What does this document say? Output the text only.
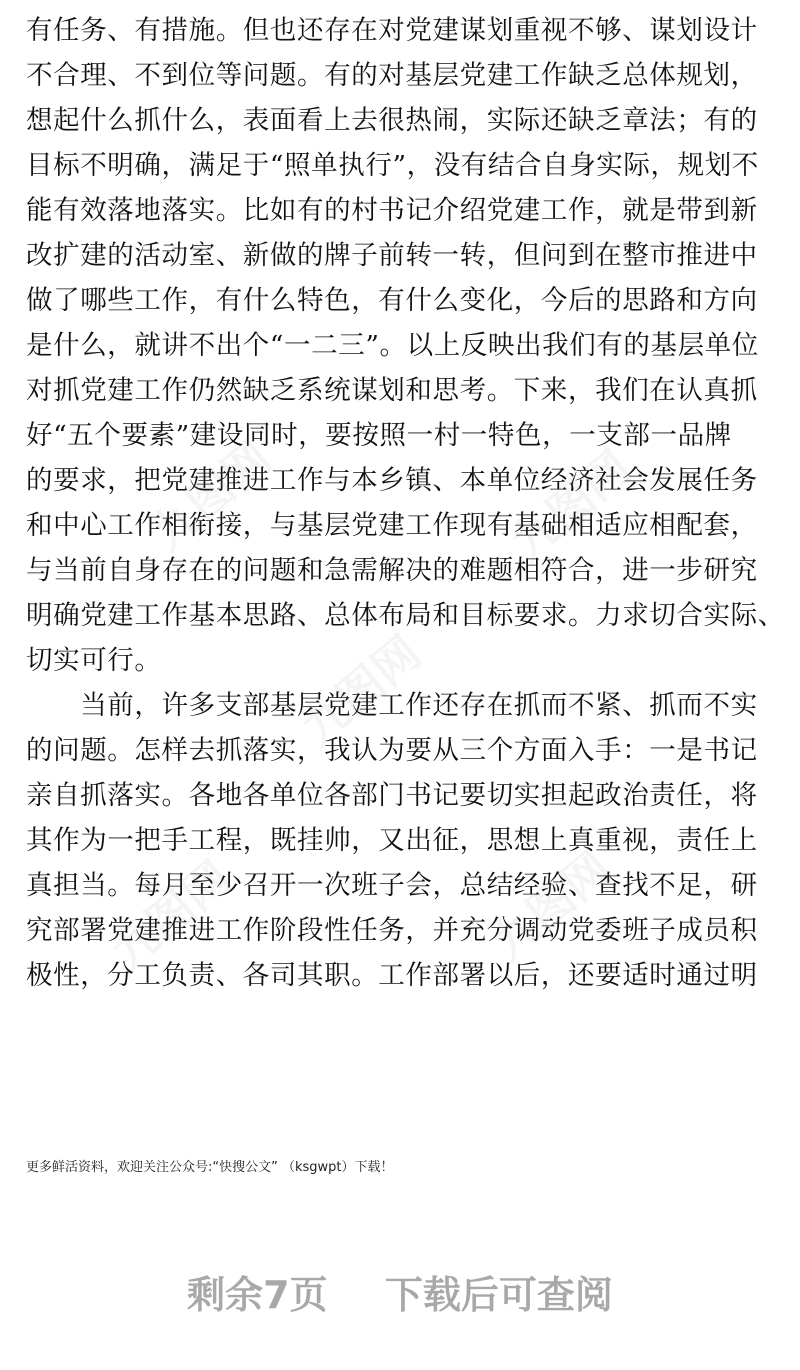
有任务、有措施。但也还存在对党建谋划重视不够、谋划设计
不合理、不到位等问题。有的对基层党建工作缺乏总体规划，
想起什么抓什么，表面看上去很热闹，实际还缺乏章法；有的
目标不明确，满足于“照单执行”，没有结合自身实际，规划不
能有效落地落实。比如有的村书记介绍党建工作，就是带到新
改扩建的活动室、新做的牌子前转一转，但问到在整市推进中
做了哪些工作，有什么特色，有什么变化，今后的思路和方向
是什么，就讲不出个“一二三”。以上反映出我们有的基层单位
对抓党建工作仍然缺乏系统谋划和思考。下来，我们在认真抓
好“五个要素”建设同时，要按照一村一特色，一支部一品牌
的要求，把党建推进工作与本乡镇、本单位经济社会发展任务
和中心工作相衔接，与基层党建工作现有基础相适应相配套，
与当前自身存在的问题和急需解决的难题相符合，进一步研究
明确党建工作基本思路、总体布局和目标要求。力求切合实际、
切实可行。
　　当前，许多支部基层党建工作还存在抓而不紧、抓而不实
的问题。怎样去抓落实，我认为要从三个方面入手：一是书记
亲自抓落实。各地各单位各部门书记要切实担起政治责任，将
其作为一把手工程，既挂帅，又出征，思想上真重视，责任上
真担当。每月至少召开一次班子会，总结经验、查找不足，研
究部署党建推进工作阶段性任务，并充分调动党委班子成员积
极性，分工负责、各司其职。工作部署以后，还要适时通过明
九图网	九图网
九图网
九图网	九图网
更多鲜活资料，欢迎关注公众号:“快搜公文” （ksgwpt）下载！
剩余7页 下载后可查阅
